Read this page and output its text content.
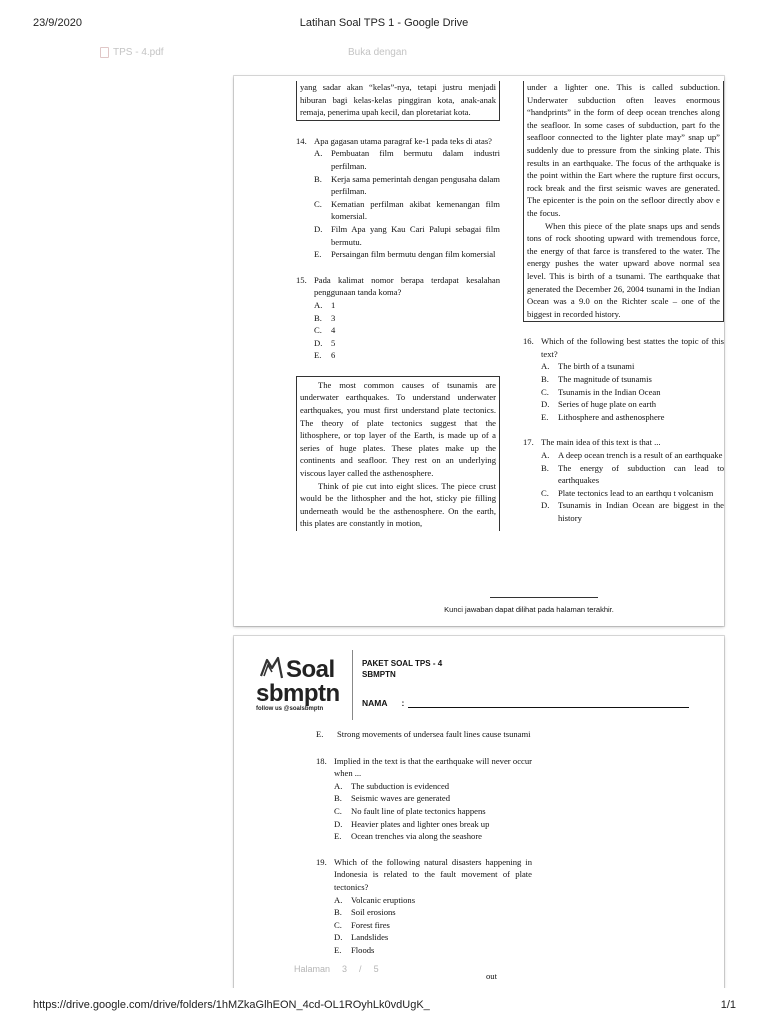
23/9/2020	Latihan Soal TPS 1 - Google Drive
TPS - 4.pdf	Buka dengan

yang sadar akan “kelas”-nya, tetapi justru menjadi hiburan bagi kelas-kelas pinggiran kota, anak-anak remaja, penerima upah kecil, dan ploretariat kota.

14. Apa gagasan utama paragraf ke-1 pada teks di atas?
A.	Pembuatan film bermutu dalam industri perfilman.
B.	Kerja sama pemerintah dengan pengusaha dalam perfilman.
C.	Kematian perfilman akibat kemenangan film komersial.
D.	Film Apa yang Kau Cari Palupi sebagai film bermutu.
E.	Persaingan film bermutu dengan film komersial
15. Pada kalimat nomor berapa terdapat kesalahan penggunaan tanda koma?
A.	1
B.	3
C.	4
D.	5
E.	6

The most common causes of tsunamis are underwater earthquakes. To understand underwater earthquakes, you must first understand plate tectonics. The theory of plate tectonics suggest that the lithosphere, or top layer of the Earth, is made up of a series of huge plates. These plates make up the continents and seafloor. They rest on an underlying viscous layer called the asthenosphere.

Think of pie cut into eight slices. The piece crust would be the lithospher and the hot, sticky pie filling underneath would be the asthenosphere. On the earth, this plates are constantly in motion,

under a lighter one. This is called subduction. Underwater subduction often leaves enormous “handprints” in the form of deep ocean trenches along the seafloor. In some cases of subduction, part fo the seafloor connected to the lighter plate may” snap up” suddenly due to pressure from the sinking plate. This results in an earthquake. The focus of the arthquake is the point within the Eart where the rupture first occurs, rock break and the first seismic waves are generated. The epicenter is the poin on the sefloor directly abov e the focus.

When this piece of the plate snaps ups and sends tons of rock shooting upward with tremendous force, the energy of that farce is transfered to the water. The energy pushes the water upward above normal sea level. This is birth of a tsunami. The earthquake that generated the December 26, 2004 tsunami in the Indian Ocean was a 9.0 on the Richter scale – one of the biggest in recorded history.

16. Which of the following best stattes the topic of this text?
A.	The birth of a tsunami
B.	The magnitude of tsunamis
C.	Tsunamis in the Indian Ocean
D.	Series of huge plate on earth
E.	Lithosphere and asthenosphere
17. The main idea of this text is that ...
A.	A deep ocean trench is a result of an earthquake
B.	The energy of subduction can lead to earthquakes
C.	Plate tectonics lead to an earthqu t volcanism
D.	Tsunamis in Indian Ocean are biggest in the history
Kunci jawaban dapat dilihat pada halaman terakhir.
Soal
sbmptn
follow us @soalsbmptn
PAKET SOAL TPS - 4
SBMPTN
NAMA :
E.	Strong movements of undersea fault lines cause tsunami
18. Implied in the text is that the earthquake will never occur when ...
A.	The subduction is evidenced
B.	Seismic waves are generated
C.	No fault line of plate tectonics happens
D.	Heavier plates and lighter ones break up
E.	Ocean trenches via along the seashore
19. Which of the following natural disasters happening in Indonesia is related to the fault movement of plate tectonics?
A.	Volcanic eruptions
B.	Soil erosions
C.	Forest fires
D.	Landslides
E.	Floods
Halaman 3 / 5
out
https://drive.google.com/drive/folders/1hMZkaGlhEON_4cd-OL1ROyhLk0vdUgK_	1/1
